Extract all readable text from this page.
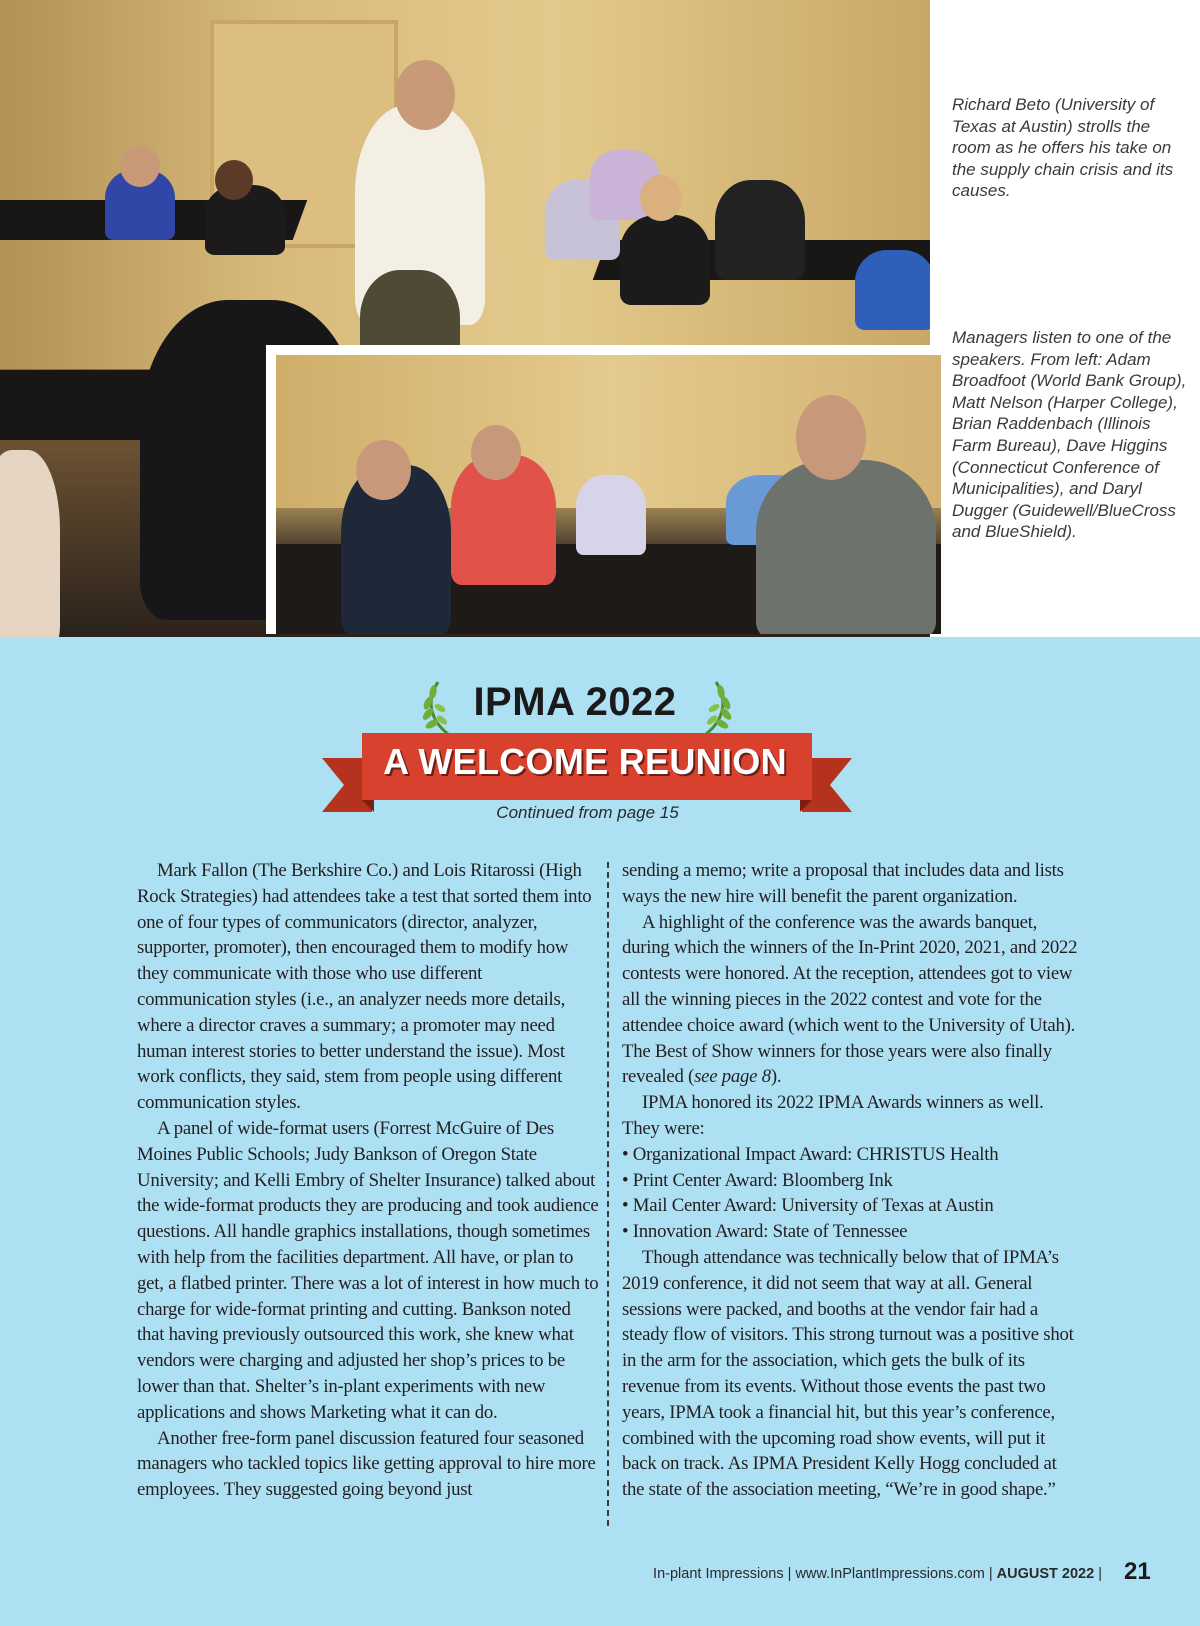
Richard Beto (University of Texas at Austin) strolls the room as he offers his take on the supply chain crisis and its causes.
Managers listen to one of the speakers. From left: Adam Broadfoot (World Bank Group), Matt Nelson (Harper College), Brian Raddenbach (Illinois Farm Bureau), Dave Higgins (Connecticut Conference of Municipalities), and Daryl Dugger (Guidewell/BlueCross and BlueShield).
IPMA 2022
A WELCOME REUNION
Continued from page 15

Mark Fallon (The Berkshire Co.) and Lois Ritarossi (High Rock Strategies) had attendees take a test that sorted them into one of four types of communicators (director, analyzer, supporter, promoter), then encouraged them to modify how they communicate with those who use different communication styles (i.e., an analyzer needs more details, where a director craves a summary; a promoter may need human interest stories to better understand the issue). Most work conflicts, they said, stem from people using different communication styles.

A panel of wide-format users (Forrest McGuire of Des Moines Public Schools; Judy Bankson of Oregon State University; and Kelli Embry of Shelter Insurance) talked about the wide-format products they are producing and took audience questions. All handle graphics installations, though sometimes with help from the facilities department. All have, or plan to get, a flatbed printer. There was a lot of interest in how much to charge for wide-format printing and cutting. Bankson noted that having previously outsourced this work, she knew what vendors were charging and adjusted her shop’s prices to be lower than that. Shelter’s in-plant experiments with new applications and shows Marketing what it can do.

Another free-form panel discussion featured four seasoned managers who tackled topics like getting approval to hire more employees. They suggested going beyond just

sending a memo; write a proposal that includes data and lists ways the new hire will benefit the parent organization.

A highlight of the conference was the awards banquet, during which the winners of the In-Print 2020, 2021, and 2022 contests were honored. At the reception, attendees got to view all the winning pieces in the 2022 contest and vote for the attendee choice award (which went to the University of Utah). The Best of Show winners for those years were also finally revealed (see page 8).

IPMA honored its 2022 IPMA Awards winners as well. They were:

• Organizational Impact Award: CHRISTUS Health
• Print Center Award: Bloomberg Ink
• Mail Center Award: University of Texas at Austin
• Innovation Award: State of Tennessee

Though attendance was technically below that of IPMA’s 2019 conference, it did not seem that way at all. General sessions were packed, and booths at the vendor fair had a steady flow of visitors. This strong turnout was a positive shot in the arm for the association, which gets the bulk of its revenue from its events. Without those events the past two years, IPMA took a financial hit, but this year’s conference, combined with the upcoming road show events, will put it back on track. As IPMA President Kelly Hogg concluded at the state of the association meeting, “We’re in good shape.”

In-plant Impressions | www.InPlantImpressions.com | AUGUST 2022 | 21
